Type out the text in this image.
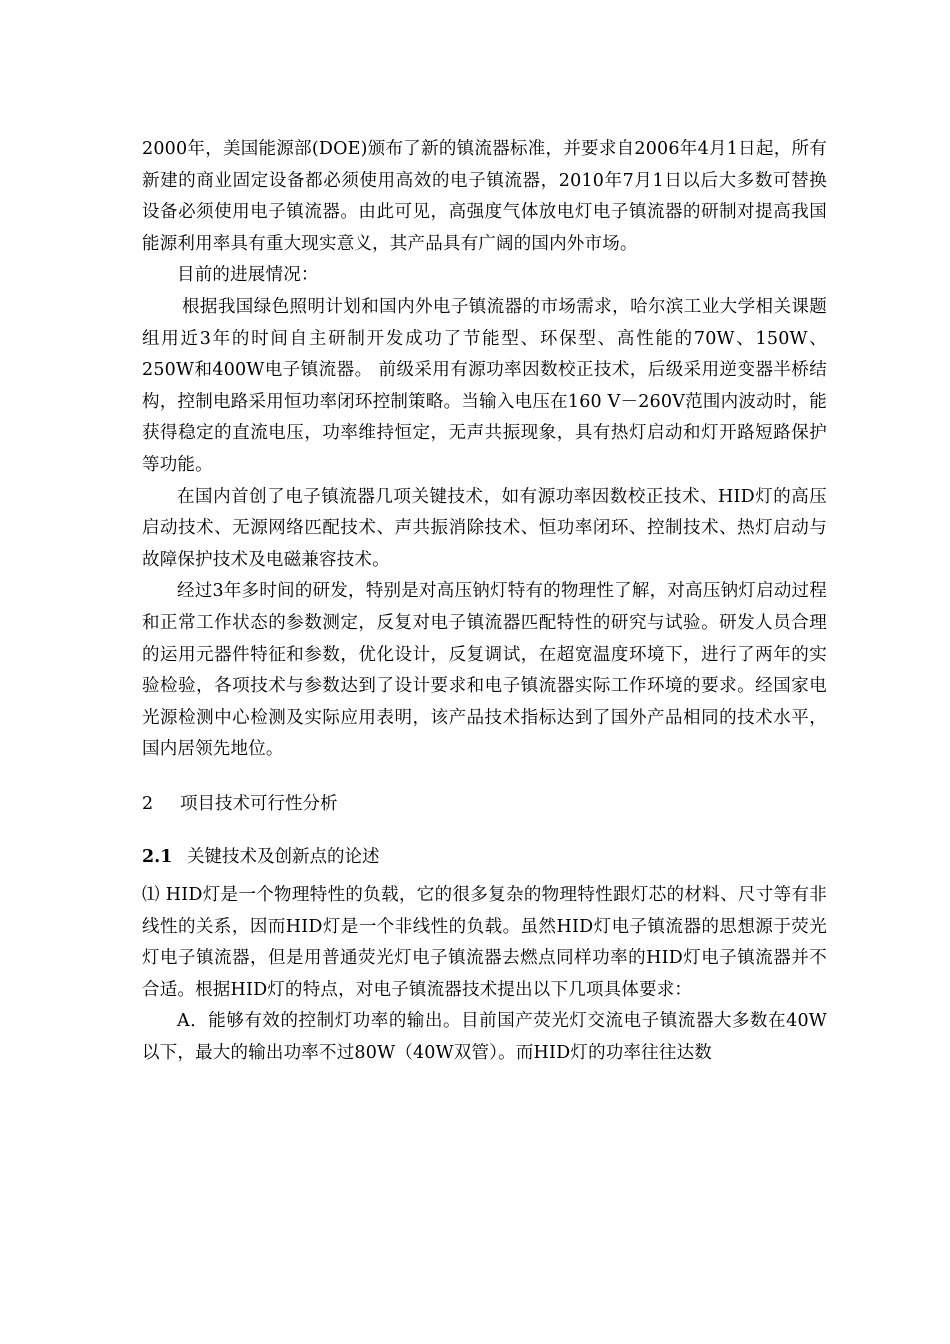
2000年，美国能源部(DOE)颁布了新的镇流器标准，并要求自2006年4月1日起，所有新建的商业固定设备都必须使用高效的电子镇流器，2010年7月1日以后大多数可替换设备必须使用电子镇流器。由此可见，高强度气体放电灯电子镇流器的研制对提高我国能源利用率具有重大现实意义，其产品具有广阔的国内外市场。

目前的进展情况：

根据我国绿色照明计划和国内外电子镇流器的市场需求，哈尔滨工业大学相关课题组用近3年的时间自主研制开发成功了节能型、环保型、高性能的70W、150W、250W和400W电子镇流器。 前级采用有源功率因数校正技术，后级采用逆变器半桥结构，控制电路采用恒功率闭环控制策略。当输入电压在160 V－260V范围内波动时，能获得稳定的直流电压，功率维持恒定，无声共振现象，具有热灯启动和灯开路短路保护等功能。

在国内首创了电子镇流器几项关键技术，如有源功率因数校正技术、HID灯的高压启动技术、无源网络匹配技术、声共振消除技术、恒功率闭环、控制技术、热灯启动与故障保护技术及电磁兼容技术。

经过3年多时间的研发，特别是对高压钠灯特有的物理性了解，对高压钠灯启动过程和正常工作状态的参数测定，反复对电子镇流器匹配特性的研究与试验。研发人员合理的运用元器件特征和参数，优化设计，反复调试，在超宽温度环境下，进行了两年的实验检验，各项技术与参数达到了设计要求和电子镇流器实际工作环境的要求。经国家电光源检测中心检测及实际应用表明，该产品技术指标达到了国外产品相同的技术水平，国内居领先地位。

2 项目技术可行性分析

2.1 关键技术及创新点的论述

⑴ HID灯是一个物理特性的负载，它的很多复杂的物理特性跟灯芯的材料、尺寸等有非线性的关系，因而HID灯是一个非线性的负载。虽然HID灯电子镇流器的思想源于荧光灯电子镇流器，但是用普通荧光灯电子镇流器去燃点同样功率的HID灯电子镇流器并不合适。根据HID灯的特点，对电子镇流器技术提出以下几项具体要求：

A．能够有效的控制灯功率的输出。目前国产荧光灯交流电子镇流器大多数在40W以下，最大的输出功率不过80W（40W双管）。而HID灯的功率往往达数
